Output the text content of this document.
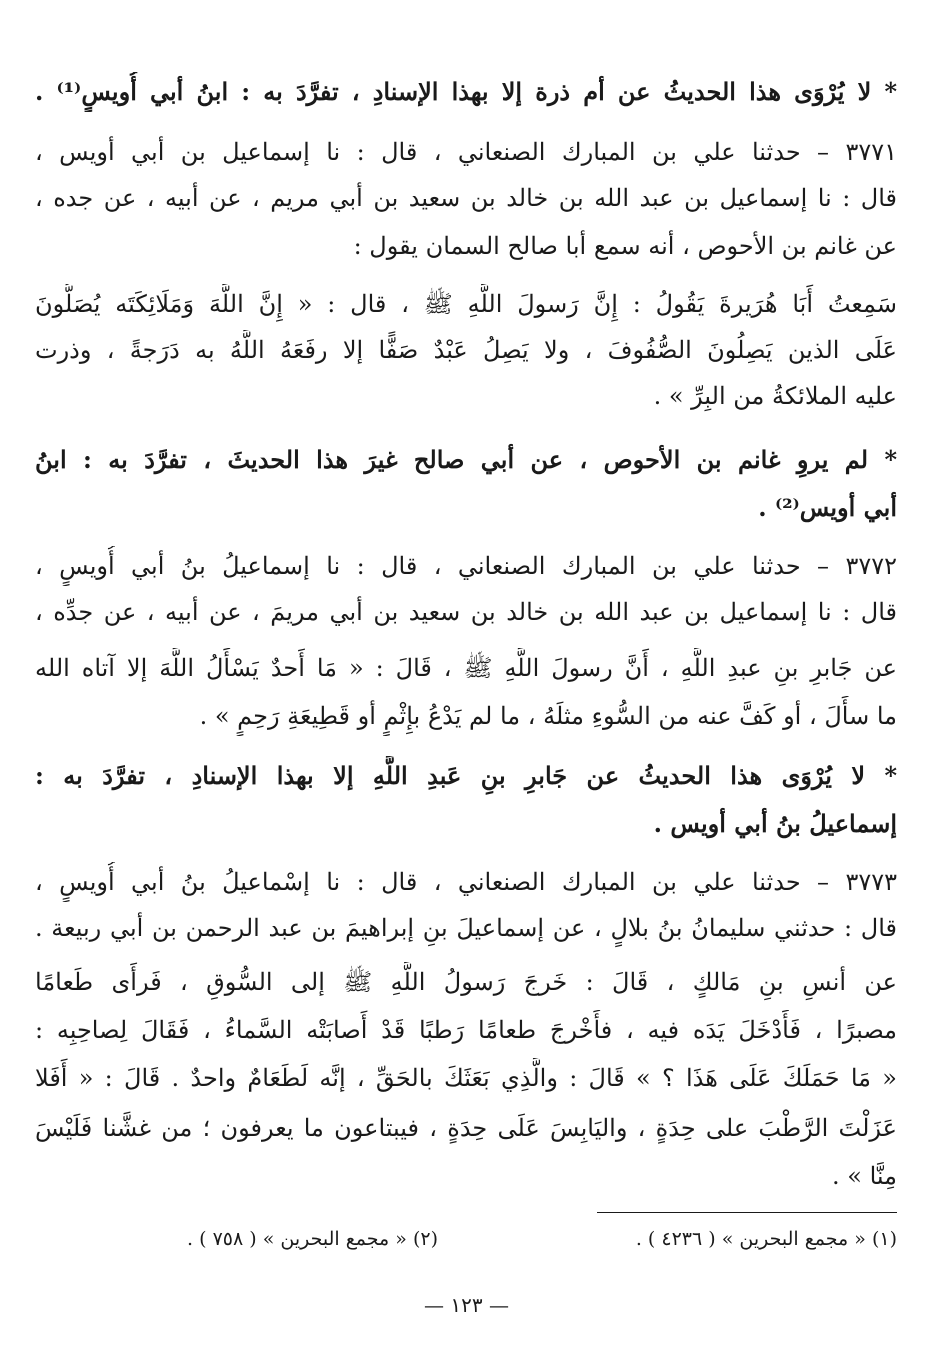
* لا يُرْوَى هذا الحديثُ عن أم ذرة إلا بهذا الإسنادِ ، تفرَّدَ به : ابنُ أبي أُويسٍ⁽¹⁾ .
٣٧٧١ – حدثنا علي بن المبارك الصنعاني ، قال : نا إسماعيل بن أبي أويس ،
قال : نا إسماعيل بن عبد الله بن خالد بن سعيد بن أبي مريم ، عن أبيه ، عن جده ،
عن غانم بن الأحوص ، أنه سمع أبا صالح السمان يقول :
سَمِعتُ أَبَا هُرَيرةَ يَقُولُ : إِنَّ رَسولَ اللَّهِ ﷺ ، قال : « إِنَّ اللَّهَ وَمَلَائِكَتَه يُصَلُّونَ
عَلَى الذين يَصِلُونَ الصُّفُوفَ ، ولا يَصِلُ عَبْدٌ صَفًّا إلا رفَعَهُ اللَّهُ به دَرَجةً ، وذرت
عليه الملائكةُ من البِرِّ » .
* لم يروِ غانم بن الأحوص ، عن أبي صالح غيرَ هذا الحديثَ ، تفرَّدَ به : ابنُ
أبي أويس⁽²⁾ .
٣٧٧٢ – حدثنا علي بن المبارك الصنعاني ، قال : نا إسماعيلُ بنُ أبي أُويسٍ ،
قال : نا إسماعيل بن عبد الله بن خالد بن سعيد بن أبي مريمَ ، عن أبيه ، عن جدِّه ،
عن جَابرِ بنِ عبدِ اللَّهِ ، أَنَّ رسولَ اللَّهِ ﷺ ، قَالَ : « مَا أَحدٌ يَسْأَلُ اللَّهَ إلا آتاه الله
ما سأَلَ ، أو كَفَّ عنه من السُّوءِ مثلَهُ ، ما لم يَدْعُ بإِثْمٍ أو قَطِيعَةِ رَحِمٍ » .
* لا يُرْوَى هذا الحديثُ عن جَابرِ بنِ عَبدِ اللَّهِ إلا بهذا الإسنادِ ، تفرَّدَ به :
إسماعيلُ بنُ أبي أويس .
٣٧٧٣ – حدثنا علي بن المبارك الصنعاني ، قال : نا إسْماعيلُ بنُ أبي أُويسٍ ،
قال : حدثني سليمانُ بنُ بلالٍ ، عن إسماعيلَ بنِ إبراهيمَ بن عبد الرحمن بن أبي ربيعة .
عن أنسِ بنِ مَالكٍ ، قَالَ : خَرجَ رَسولُ اللَّهِ ﷺ إلى السُّوقِ ، فَرأَى طَعامًا
مصبرًا ، فَأَدْخَلَ يَدَه فيه ، فأَخْرجَ طعامًا رَطبًا قَدْ أَصابَتْه السَّماءُ ، فَقَالَ لِصاحِبِه :
« مَا حَمَلَكَ عَلَى هَذَا ؟ » قَالَ : والَّذِي بَعَثَكَ بالحَقِّ ، إنَّه لَطَعَامٌ واحدٌ . قَالَ : « أَفَلا
عَزَلْتَ الرَّطْبَ على حِدَةٍ ، واليَابِسَ عَلَى حِدَةٍ ، فيبتاعون ما يعرفون ؛ من غشَّنا فَلَيْسَ
مِنَّا » .
(١) « مجمع البحرين » ( ٤٢٣٦ ) .
(٢) « مجمع البحرين » ( ٧٥٨ ) .
— ١٢٣ —
